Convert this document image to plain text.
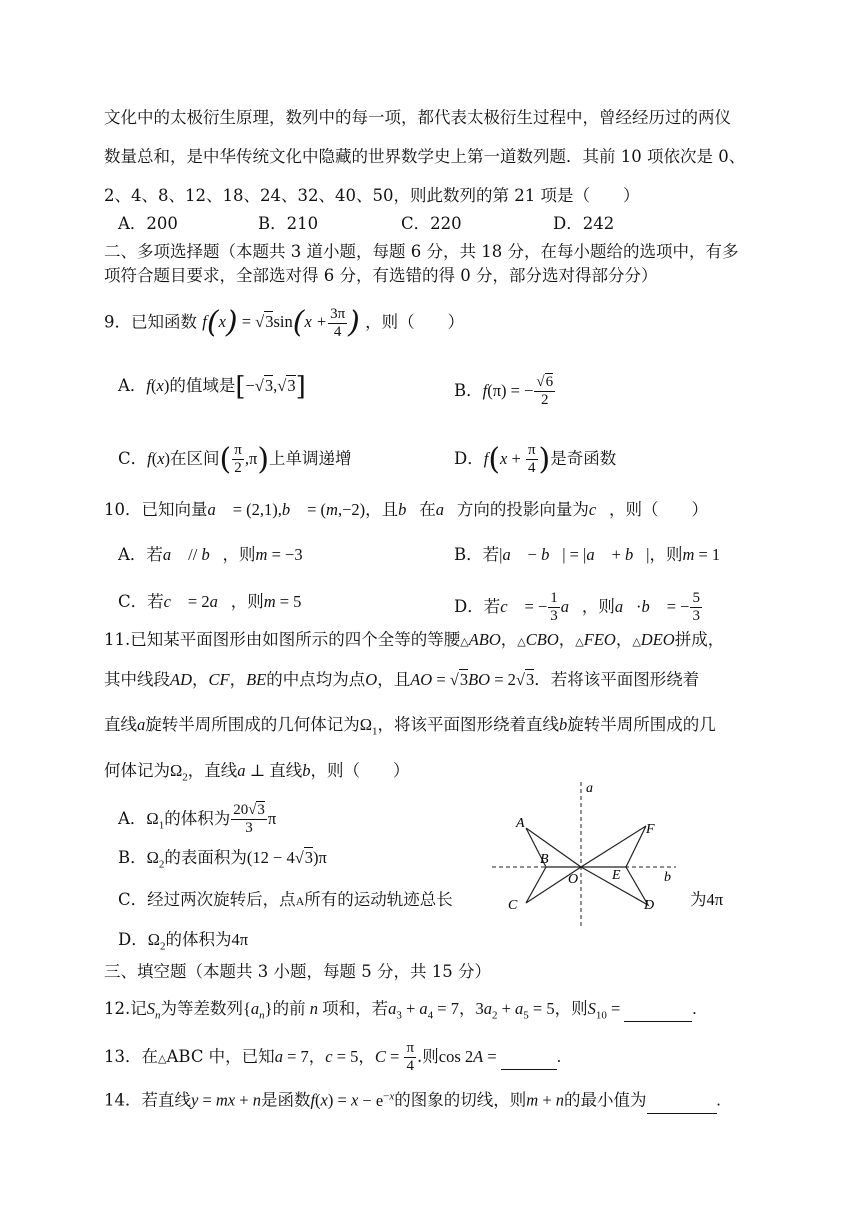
文化中的太极衍生原理，数列中的每一项，都代表太极衍生过程中，曾经经历过的两仪
数量总和，是中华传统文化中隐藏的世界数学史上第一道数列题．其前 10 项依次是 0、
2、4、8、12、18、24、32、40、50，则此数列的第 21 项是（　　）
A．200	B．210	C．220	D．242
二、多项选择题（本题共 3 道小题，每题 6 分，共 18 分，在每小题给的选项中，有多
项符合题目要求，全部选对得 6 分，有选错的得 0 分，部分选对得部分分）
9．已知函数 $f(x) = √3\sin(x + \frac{3\pi}{4}$ ) ，则（　　）
A．f(x)的值域是[−√3,√3]	B．f(π) = − $\frac{√6}{2}$
C．f(x)在区间( $\frac{\pi}{2} ,\pi$)上单调递增	D．$f(x + \frac{\pi}{4}$ )是奇函数
10．已知向量a⃗ = (2,1),b⃗ = (m,−2)，且b⃗在a⃗方向的投影向量为c⃗，则（　　）
A．若a⃗ // b⃗，则m = −3	B．若|a⃗ − b⃗| = |a⃗ + b⃗|，则m = 1
C．若c⃗ = 2a⃗，则m = 5	D．若c⃗ = − $\frac{1}{3}$ a⃗，则a⃗·b⃗ = − $\frac{5}{3}$
11.已知某平面图形由如图所示的四个全等的等腰△ABO，△CBO，△FEO，△DEO拼成，
其中线段AD，CF，BE的中点均为点O，且AO = √3BO = 2√3．若将该平面图形绕着
直线a旋转半周所围成的几何体记为$\Omega_1$，将该平面图形绕着直线b旋转半周所围成的几
何体记为$\Omega_2$，直线a ⊥ 直线b，则（　　）
A．$\Omega_1$的体积为 $\frac{20√3}{3}$ π
B．$\Omega_2$的表面积为(12 − 4√3)π
C．经过两次旋转后，点A所有的运动轨迹总长	为4π
D．$\Omega_2$的体积为4π
a
A	F
B
O E	b
C	D
三、填空题（本题共 3 小题，每题 5 分，共 15 分）
12.记$S_n$为等差数列$\{a_n\}$的前 n 项和，若$a_3 + a_4 = 7$，$3a_2 + a_5 = 5$，则$S_{10}$ =	.
13．在△ABC 中，已知a = 7，c = 5，$C = \frac{\pi}{4}$ .则cos 2A =	.
14．若直线y = mx + n是函数$f(x) = x - e^{-x}$的图象的切线，则m + n的最小值为	.
